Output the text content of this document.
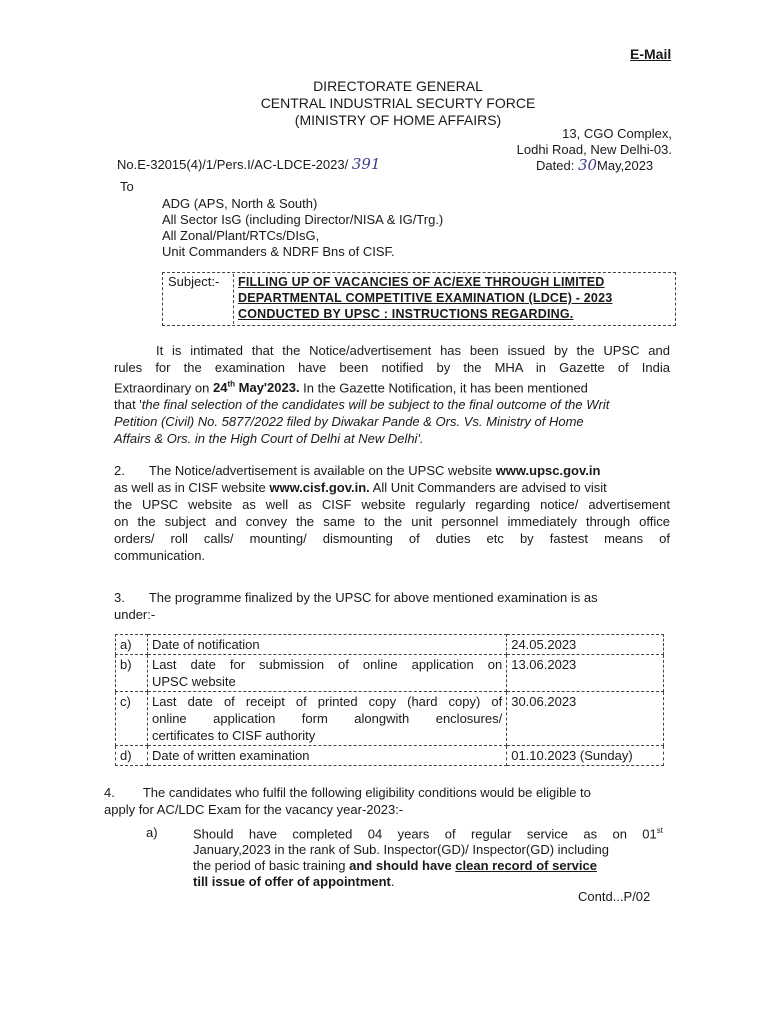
E-Mail
DIRECTORATE GENERAL
CENTRAL INDUSTRIAL SECURTY FORCE
(MINISTRY OF HOME AFFAIRS)
13, CGO Complex,
Lodhi Road, New Delhi-03.
Dated: 30May,2023
No.E-32015(4)/1/Pers.I/AC-LDCE-2023/ 391
To
ADG (APS, North & South)
All Sector IsG (including Director/NISA & IG/Trg.)
All Zonal/Plant/RTCs/DIsG,
Unit Commanders & NDRF Bns of CISF.
Subject:- FILLING UP OF VACANCIES OF AC/EXE THROUGH LIMITED
DEPARTMENTAL COMPETITIVE EXAMINATION (LDCE) - 2023
CONDUCTED BY UPSC : INSTRUCTIONS REGARDING.
It is intimated that the Notice/advertisement has been issued by the UPSC and
rules for the examination have been notified by the MHA in Gazette of India
Extraordinary on 24th May'2023. In the Gazette Notification, it has been mentioned
that 'the final selection of the candidates will be subject to the final outcome of the Writ
Petition (Civil) No. 5877/2022 filed by Diwakar Pande & Ors. Vs. Ministry of Home
Affairs & Ors. in the High Court of Delhi at New Delhi'.
2. The Notice/advertisement is available on the UPSC website www.upsc.gov.in
as well as in CISF website www.cisf.gov.in. All Unit Commanders are advised to visit
the UPSC website as well as CISF website regularly regarding notice/ advertisement
on the subject and convey the same to the unit personnel immediately through office
orders/ roll calls/ mounting/ dismounting of duties etc by fastest means of
communication.
3. The programme finalized by the UPSC for above mentioned examination is as
under:-
a)	Date of notification	24.05.2023
b)	Last date for submission of online application on
UPSC website	13.06.2023
c)	Last date of receipt of printed copy (hard copy) of
online application form alongwith enclosures/
certificates to CISF authority	30.06.2023
d)	Date of written examination	01.10.2023 (Sunday)
4. The candidates who fulfil the following eligibility conditions would be eligible to
apply for AC/LDC Exam for the vacancy year-2023:-
a)	Should have completed 04 years of regular service as on 01st
January,2023 in the rank of Sub. Inspector(GD)/ Inspector(GD) including
the period of basic training and should have clean record of service
till issue of offer of appointment.
Contd...P/02
